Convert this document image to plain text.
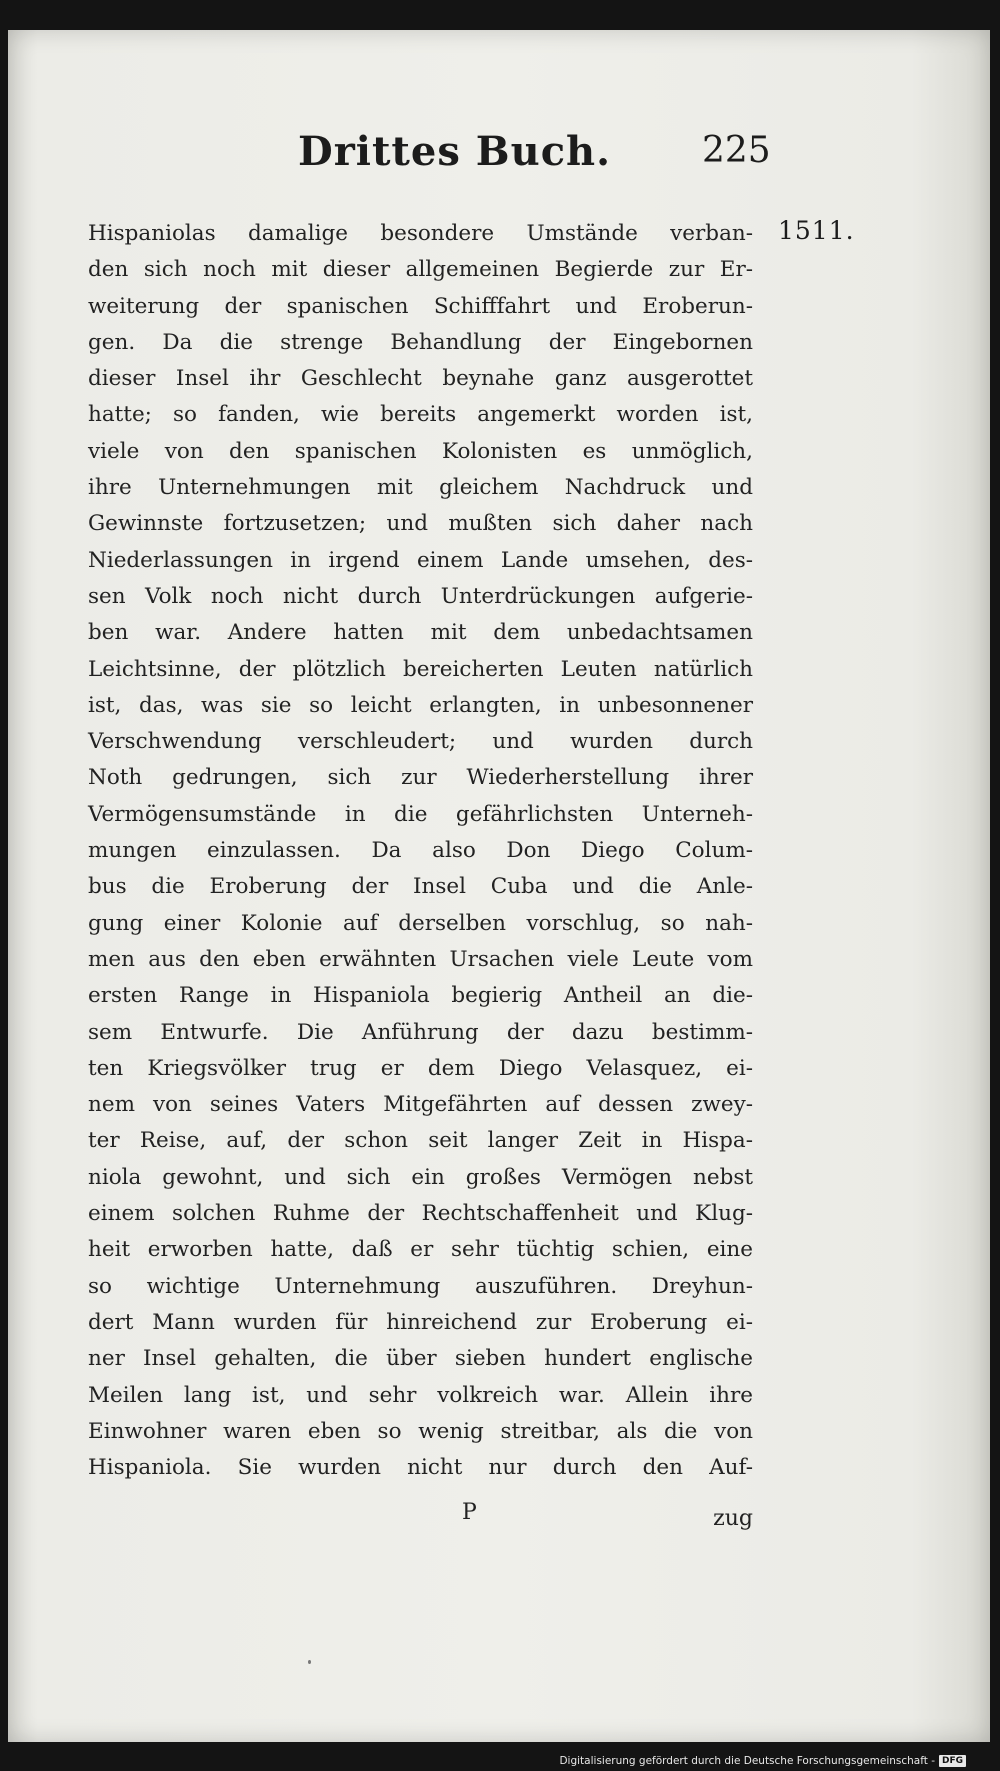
Drittes Buch.	225
1511.
Hispaniolas damalige besondere Umstände verban-
den sich noch mit dieser allgemeinen Begierde zur Er-
weiterung der spanischen Schifffahrt und Eroberun-
gen. Da die strenge Behandlung der Eingebornen
dieser Insel ihr Geschlecht beynahe ganz ausgerottet
hatte; so fanden, wie bereits angemerkt worden ist,
viele von den spanischen Kolonisten es unmöglich,
ihre Unternehmungen mit gleichem Nachdruck und
Gewinnste fortzusetzen; und mußten sich daher nach
Niederlassungen in irgend einem Lande umsehen, des-
sen Volk noch nicht durch Unterdrückungen aufgerie-
ben war. Andere hatten mit dem unbedachtsamen
Leichtsinne, der plötzlich bereicherten Leuten natürlich
ist, das, was sie so leicht erlangten, in unbesonnener
Verschwendung verschleudert; und wurden durch
Noth gedrungen, sich zur Wiederherstellung ihrer
Vermögensumstände in die gefährlichsten Unterneh-
mungen einzulassen. Da also Don Diego Colum-
bus die Eroberung der Insel Cuba und die Anle-
gung einer Kolonie auf derselben vorschlug, so nah-
men aus den eben erwähnten Ursachen viele Leute vom
ersten Range in Hispaniola begierig Antheil an die-
sem Entwurfe. Die Anführung der dazu bestimm-
ten Kriegsvölker trug er dem Diego Velasquez, ei-
nem von seines Vaters Mitgefährten auf dessen zwey-
ter Reise, auf, der schon seit langer Zeit in Hispa-
niola gewohnt, und sich ein großes Vermögen nebst
einem solchen Ruhme der Rechtschaffenheit und Klug-
heit erworben hatte, daß er sehr tüchtig schien, eine
so wichtige Unternehmung auszuführen. Dreyhun-
dert Mann wurden für hinreichend zur Eroberung ei-
ner Insel gehalten, die über sieben hundert englische
Meilen lang ist, und sehr volkreich war. Allein ihre
Einwohner waren eben so wenig streitbar, als die von
Hispaniola. Sie wurden nicht nur durch den Auf-
P	zug
Digitalisierung gefördert durch die Deutsche Forschungsgemeinschaft - DFG
